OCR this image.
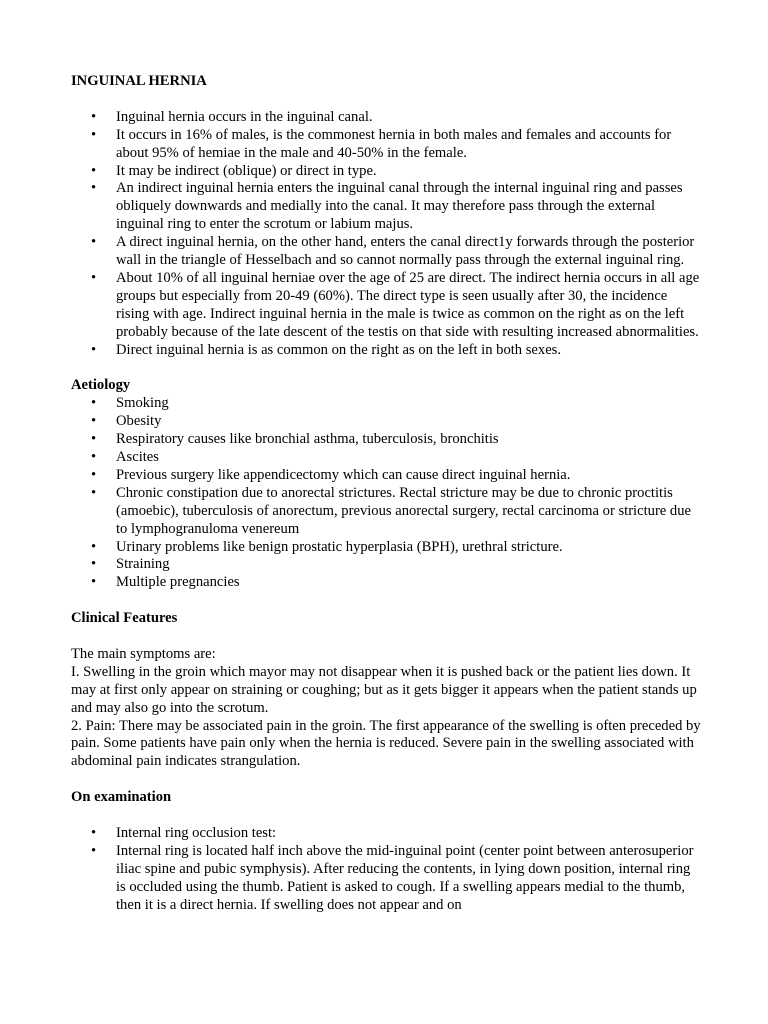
INGUINAL HERNIA

• Inguinal hernia occurs in the inguinal canal.
• It occurs in 16% of males, is the commonest hernia in both males and females and accounts for about 95% of hemiae in the male and 40-50% in the female.
• It may be indirect (oblique) or direct in type.
• An indirect inguinal hernia enters the inguinal canal through the internal inguinal ring and passes obliquely downwards and medially into the canal. It may therefore pass through the external inguinal ring to enter the scrotum or labium majus.
• A direct inguinal hernia, on the other hand, enters the canal direct1y forwards through the posterior wall in the triangle of Hesselbach and so cannot normally pass through the external inguinal ring.
• About 10% of all inguinal herniae over the age of 25 are direct. The indirect hernia occurs in all age groups but especially from 20-49 (60%). The direct type is seen usually after 30, the incidence rising with age. Indirect inguinal hernia in the male is twice as common on the right as on the left probably because of the late descent of the testis on that side with resulting increased abnormalities.
• Direct inguinal hernia is as common on the right as on the left in both sexes.

Aetiology

• Smoking
• Obesity
• Respiratory causes like bronchial asthma, tuberculosis, bronchitis
• Ascites
• Previous surgery like appendicectomy which can cause direct inguinal hernia.
• Chronic constipation due to anorectal strictures. Rectal stricture may be due to chronic proctitis (amoebic), tuberculosis of anorectum, previous anorectal surgery, rectal carcinoma or stricture due to lymphogranuloma venereum
• Urinary problems like benign prostatic hyperplasia (BPH), urethral stricture.
• Straining
• Multiple pregnancies

Clinical Features

The main symptoms are:

I. Swelling in the groin which mayor may not disappear when it is pushed back or the patient lies down. It may at first only appear on straining or coughing; but as it gets bigger it appears when the patient stands up and may also go into the scrotum.

2. Pain: There may be associated pain in the groin. The first appearance of the swelling is often preceded by pain. Some patients have pain only when the hernia is reduced. Severe pain in the swelling associated with abdominal pain indicates strangulation.

On examination

• Internal ring occlusion test:
• Internal ring is located half inch above the mid-inguinal point (center point between anterosuperior iliac spine and pubic symphysis). After reducing the contents, in lying down position, internal ring is occluded using the thumb. Patient is asked to cough. If a swelling appears medial to the thumb, then it is a direct hernia. If swelling does not appear and on
